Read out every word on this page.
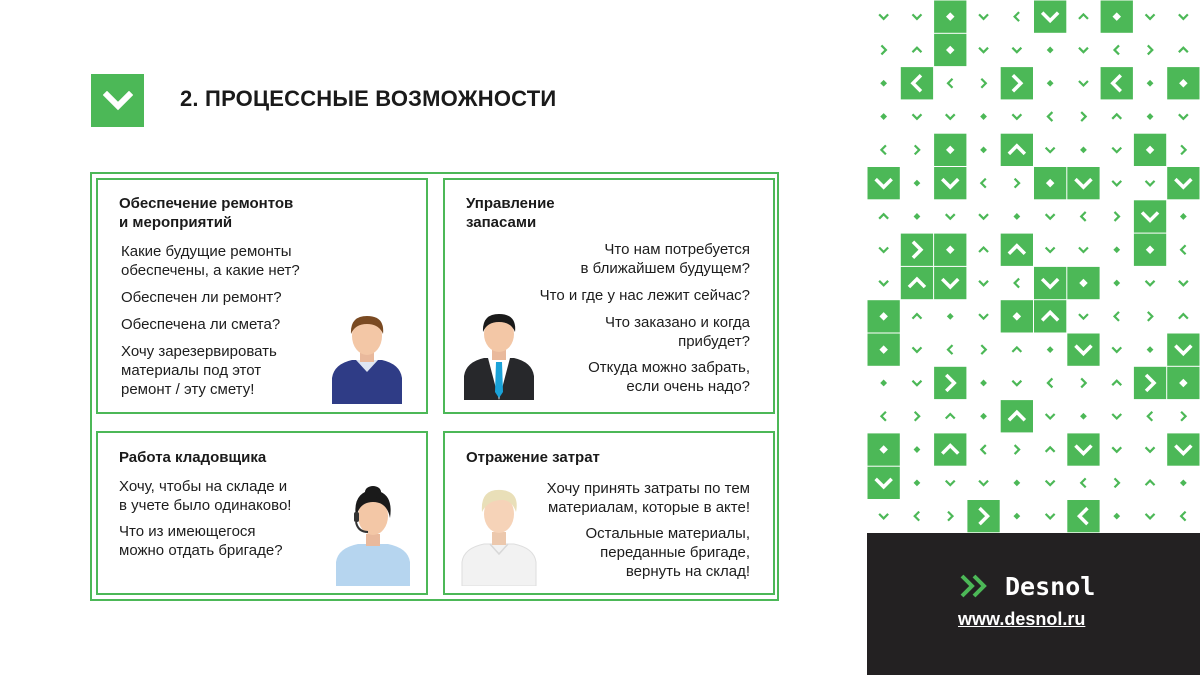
2. ПРОЦЕССНЫЕ ВОЗМОЖНОСТИ
Обеспечение ремонтов
и мероприятий
Какие будущие ремонты
обеспечены, а какие нет?
Обеспечен ли ремонт?
Обеспечена ли смета?
Хочу зарезервировать
материалы под этот
ремонт / эту смету!
Управление
запасами
Что нам потребуется
в ближайшем будущем?
Что и где у нас лежит сейчас?
Что заказано и когда
прибудет?
Откуда можно забрать,
если очень надо?
Работа кладовщика
Хочу, чтобы на складе и
в учете было одинаково!
Что из имеющегося
можно отдать бригаде?
Отражение затрат
Хочу принять затраты по тем
материалам, которые в акте!
Остальные материалы,
переданные бригаде,
вернуть на склад!
Desnol
www.desnol.ru
